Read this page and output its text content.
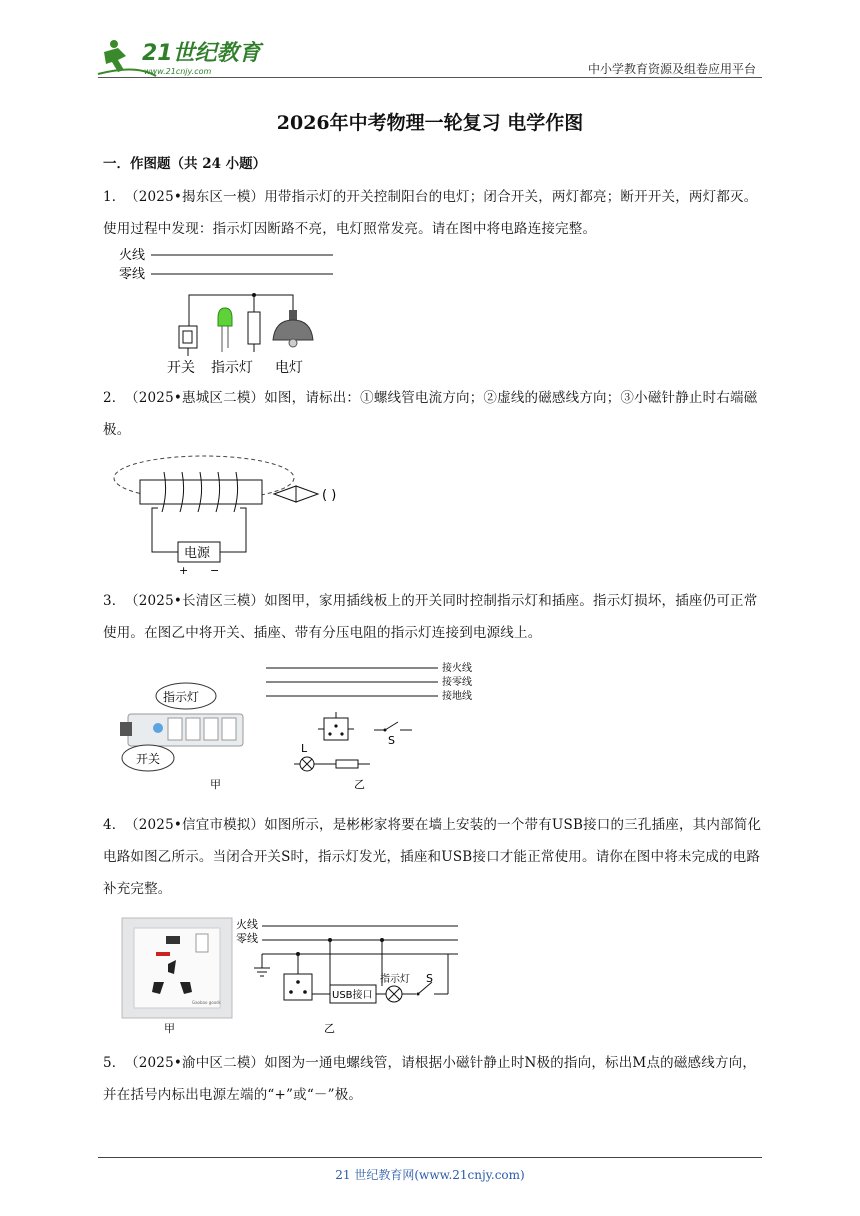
21世纪教育
www.21cnjy.com	中小学教育资源及组卷应用平台
2026年中考物理一轮复习 电学作图
一．作图题（共 24 小题）
1．（2025•揭东区一模）用带指示灯的开关控制阳台的电灯；闭合开关，两灯都亮；断开开关，两灯都灭。使用过程中发现：指示灯因断路不亮，电灯照常发亮。请在图中将电路连接完整。
火线
零线
开关 指示灯 电灯
2．（2025•惠城区二模）如图，请标出：①螺线管电流方向；②虚线的磁感线方向；③小磁针静止时右端磁极。
电源
+ −
( )
3．（2025•长清区三模）如图甲，家用插线板上的开关同时控制指示灯和插座。指示灯损坏，插座仍可正常使用。在图乙中将开关、插座、带有分压电阻的指示灯连接到电源线上。
指示灯
开关
甲
接火线
接零线
接地线
S
L
乙
4．（2025•信宜市模拟）如图所示，是彬彬家将要在墙上安装的一个带有USB接口的三孔插座，其内部简化电路如图乙所示。当闭合开关S时，指示灯发光，插座和USB接口才能正常使用。请你在图中将未完成的电路补充完整。
Gaobao goods
甲
火线
零线
USB接口
指示灯 S
乙
5．（2025•渝中区二模）如图为一通电螺线管，请根据小磁针静止时N极的指向，标出M点的磁感线方向，并在括号内标出电源左端的“+”或“－”极。
21 世纪教育网(www.21cnjy.com)
